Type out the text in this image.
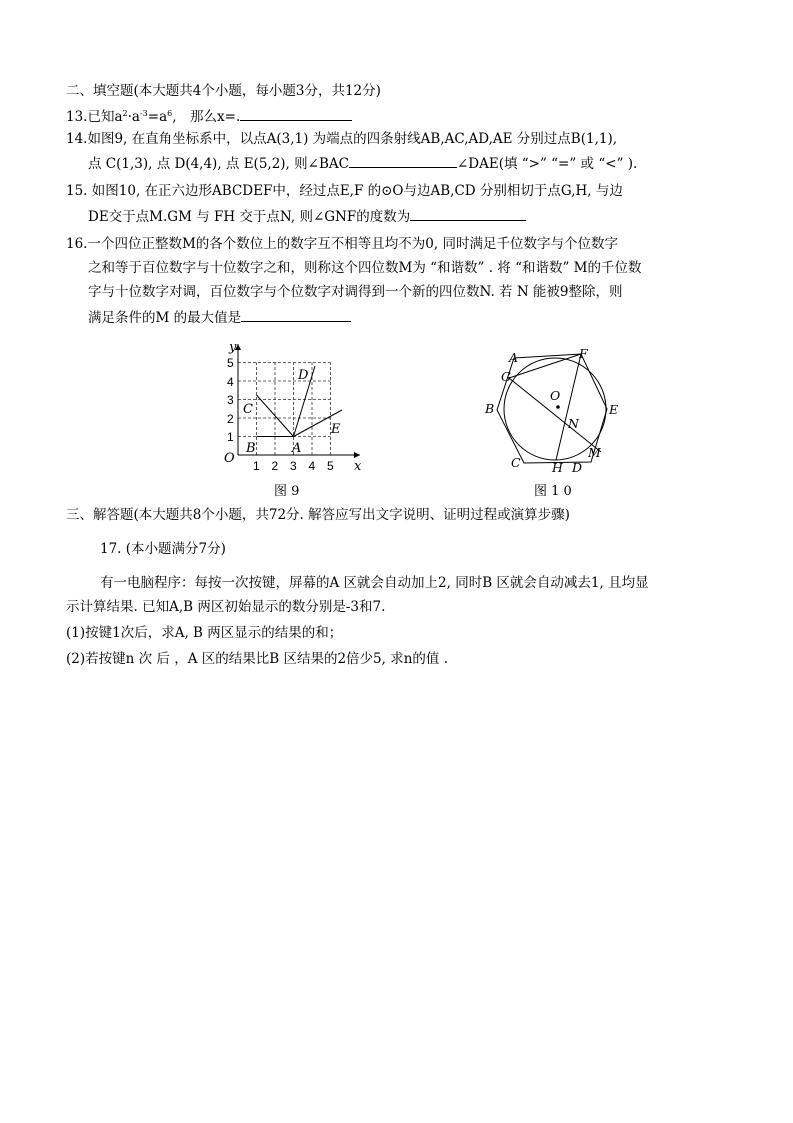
二、填空题(本大题共4个小题，每小题3分，共12分)
13.已知$a^2\cdot a^{-3}=a^6$,　那么x=.
14.如图9, 在直角坐标系中，以点A(3,1) 为端点的四条射线AB,AC,AD,AE 分别过点B(1,1),
点 C(1,3), 点 D(4,4), 点 E(5,2), 则∠BAC	∠DAE(填 “>” “=” 或 “<” ).
15. 如图10, 在正六边形ABCDEF中，经过点E,F 的⊙O与边AB,CD 分别相切于点G,H, 与边
DE交于点M.GM 与 FH 交于点N, 则∠GNF的度数为
16.一个四位正整数M的各个数位上的数字互不相等且均不为0, 同时满足千位数字与个位数字
之和等于百位数字与十位数字之和，则称这个四位数M为 “和谐数” . 将 “和谐数” M的千位数
字与十位数字对调，百位数字与个位数字对调得到一个新的四位数N. 若 N 能被9整除，则
满足条件的M 的最大值是
1 2 3 4 5
1
2
3
4
5
y
x
O
A
B
C
D
E
图 9
A
G
F
O
B	E
N
C	H D
M
图 1 0
三、解答题(本大题共8个小题，共72分. 解答应写出文字说明、证明过程或演算步骤)
17. (本小题满分7分)
有一电脑程序：每按一次按键，屏幕的A 区就会自动加上2, 同时B 区就会自动减去1, 且均显
示计算结果. 已知A,B 两区初始显示的数分别是-3和7.
(1)按键1次后，求A, B 两区显示的结果的和；
(2)若按键n 次 后 ，A 区的结果比B 区结果的2倍少5, 求n的值 .
